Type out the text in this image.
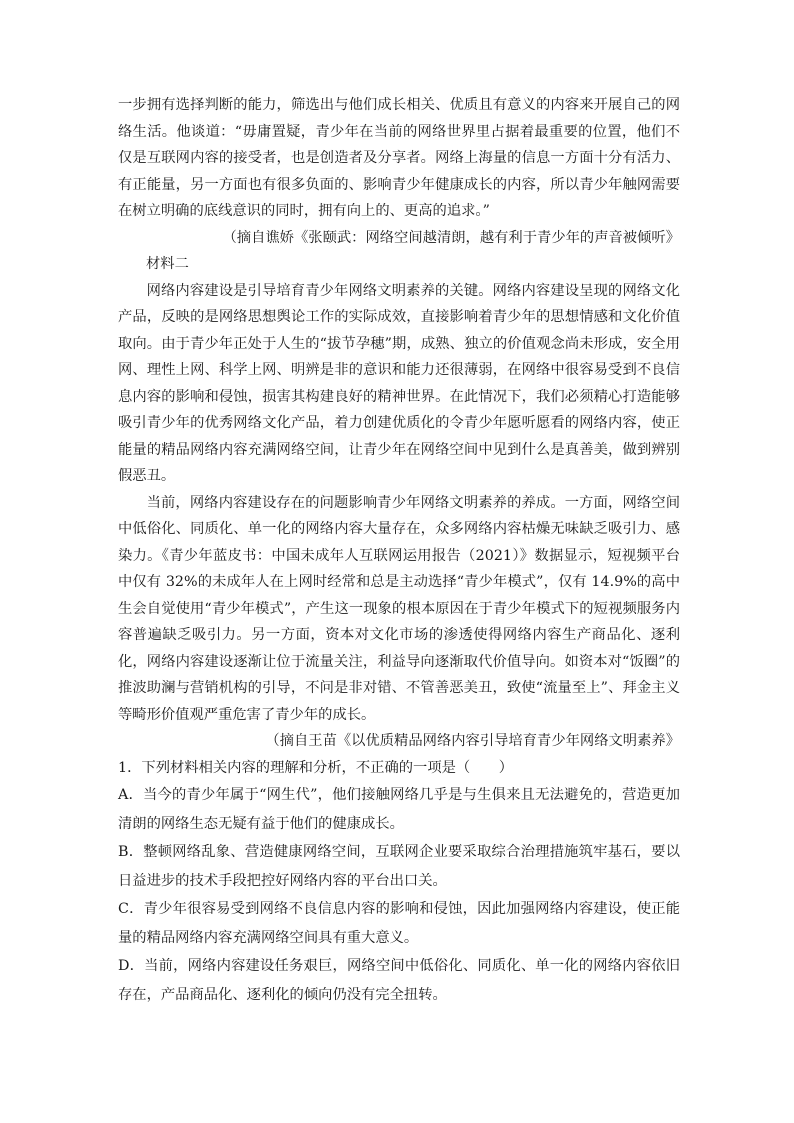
一步拥有选择判断的能力，筛选出与他们成长相关、优质且有意义的内容来开展自己的网络生活。他谈道：“毋庸置疑，青少年在当前的网络世界里占据着最重要的位置，他们不仅是互联网内容的接受者，也是创造者及分享者。网络上海量的信息一方面十分有活力、有正能量，另一方面也有很多负面的、影响青少年健康成长的内容，所以青少年触网需要在树立明确的底线意识的同时，拥有向上的、更高的追求。”

（摘自谯娇《张颐武：网络空间越清朗，越有利于青少年的声音被倾听》

材料二

网络内容建设是引导培育青少年网络文明素养的关键。网络内容建设呈现的网络文化产品，反映的是网络思想舆论工作的实际成效，直接影响着青少年的思想情感和文化价值取向。由于青少年正处于人生的“拔节孕穗”期，成熟、独立的价值观念尚未形成，安全用网、理性上网、科学上网、明辨是非的意识和能力还很薄弱，在网络中很容易受到不良信息内容的影响和侵蚀，损害其构建良好的精神世界。在此情况下，我们必须精心打造能够吸引青少年的优秀网络文化产品，着力创建优质化的令青少年愿听愿看的网络内容，使正能量的精品网络内容充满网络空间，让青少年在网络空间中见到什么是真善美，做到辨别假恶丑。

当前，网络内容建设存在的问题影响青少年网络文明素养的养成。一方面，网络空间中低俗化、同质化、单一化的网络内容大量存在，众多网络内容枯燥无味缺乏吸引力、感染力。《青少年蓝皮书：中国未成年人互联网运用报告（2021）》数据显示，短视频平台中仅有 32%的未成年人在上网时经常和总是主动选择“青少年模式”，仅有 14.9%的高中生会自觉使用“青少年模式”，产生这一现象的根本原因在于青少年模式下的短视频服务内容普遍缺乏吸引力。另一方面，资本对文化市场的渗透使得网络内容生产商品化、逐利化，网络内容建设逐渐让位于流量关注，利益导向逐渐取代价值导向。如资本对“饭圈”的推波助澜与营销机构的引导，不问是非对错、不管善恶美丑，致使“流量至上”、拜金主义等畸形价值观严重危害了青少年的成长。

（摘自王苗《以优质精品网络内容引导培育青少年网络文明素养》

1．下列材料相关内容的理解和分析，不正确的一项是（　　）

A．当今的青少年属于“网生代”，他们接触网络几乎是与生俱来且无法避免的，营造更加清朗的网络生态无疑有益于他们的健康成长。

B．整顿网络乱象、营造健康网络空间，互联网企业要采取综合治理措施筑牢基石，要以日益进步的技术手段把控好网络内容的平台出口关。

C．青少年很容易受到网络不良信息内容的影响和侵蚀，因此加强网络内容建设，使正能量的精品网络内容充满网络空间具有重大意义。

D．当前，网络内容建设任务艰巨，网络空间中低俗化、同质化、单一化的网络内容依旧存在，产品商品化、逐利化的倾向仍没有完全扭转。
